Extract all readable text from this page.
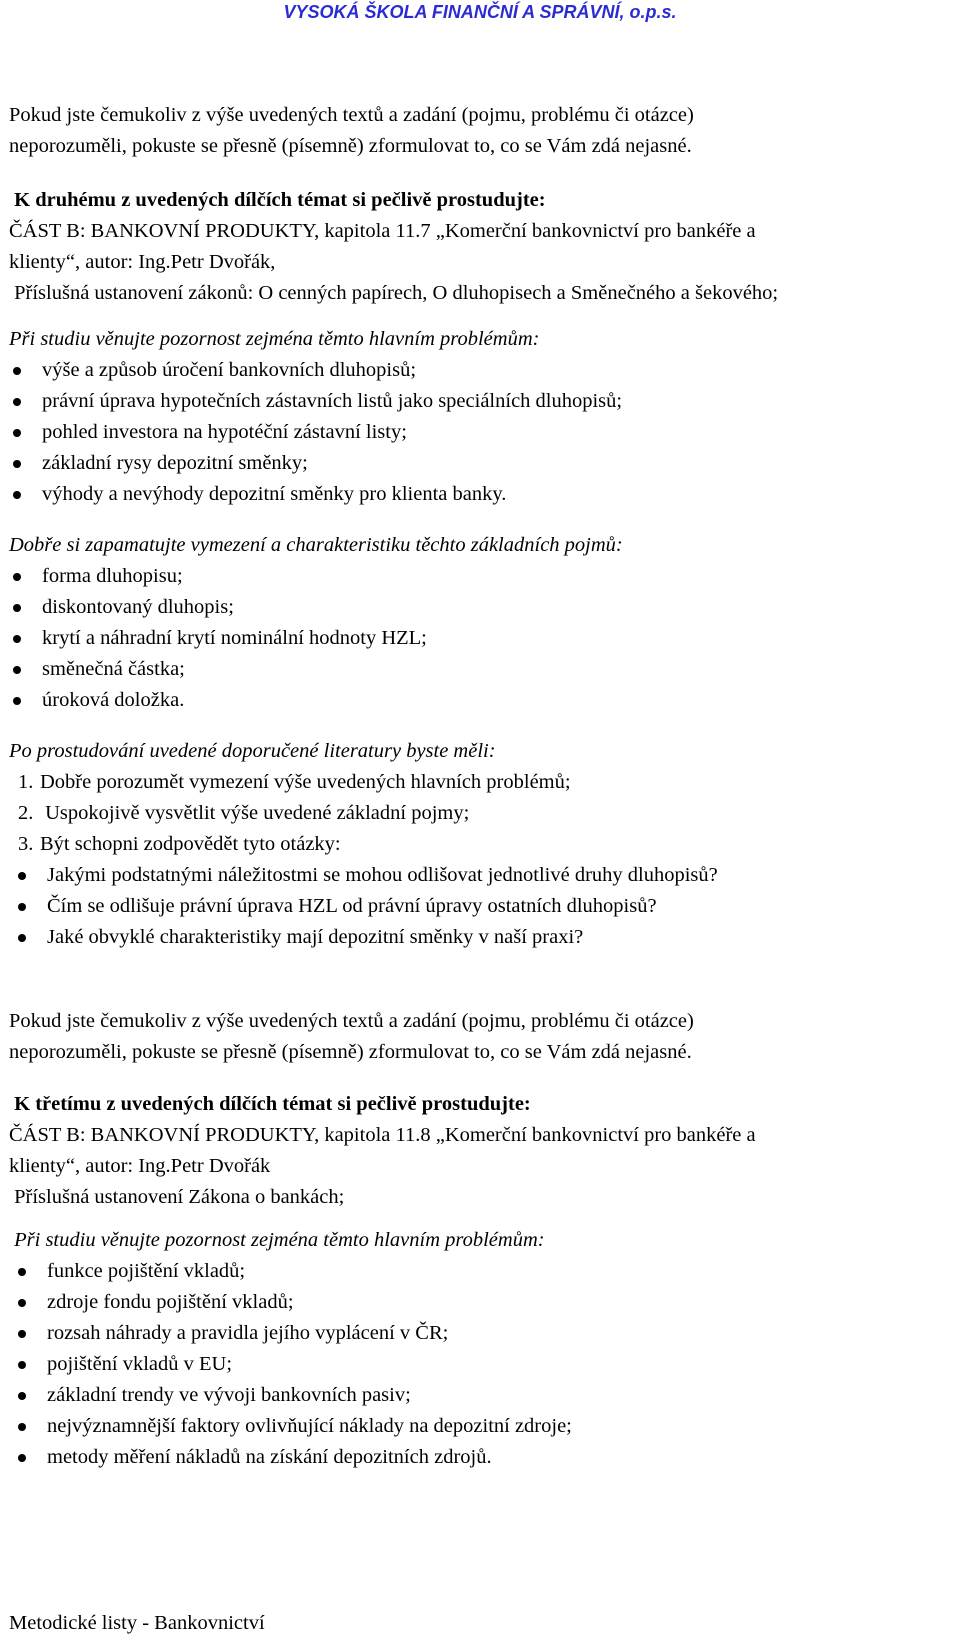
VYSOKÁ ŠKOLA FINANČNÍ A SPRÁVNÍ, o.p.s.

Pokud jste čemukoliv z výše uvedených textů a zadání (pojmu, problému či otázce)

neporozuměli, pokuste se přesně (písemně) zformulovat to, co se Vám zdá nejasné.

K druhému z uvedených dílčích témat si pečlivě prostudujte:

ČÁST B: BANKOVNÍ PRODUKTY, kapitola 11.7 „Komerční bankovnictví pro bankéře a

klienty“, autor: Ing.Petr Dvořák,

Příslušná ustanovení zákonů: O cenných papírech, O dluhopisech a Směnečného a šekového;

Při studiu věnujte pozornost zejména těmto hlavním problémům:

výše a způsob úročení bankovních dluhopisů;
právní úprava hypotečních zástavních listů jako speciálních dluhopisů;
pohled investora na hypotéční zástavní listy;
základní rysy depozitní směnky;
výhody a nevýhody depozitní směnky pro klienta banky.

Dobře si zapamatujte vymezení a charakteristiku těchto základních pojmů:

forma dluhopisu;
diskontovaný dluhopis;
krytí a náhradní krytí nominální hodnoty HZL;
směnečná částka;
úroková doložka.

Po prostudování uvedené doporučené literatury byste měli:

1. Dobře porozumět vymezení výše uvedených hlavních problémů;
2. Uspokojivě vysvětlit výše uvedené základní pojmy;
3. Být schopni zodpovědět tyto otázky:
Jakými podstatnými náležitostmi se mohou odlišovat jednotlivé druhy dluhopisů?
Čím se odlišuje právní úprava HZL od právní úpravy ostatních dluhopisů?
Jaké obvyklé charakteristiky mají depozitní směnky v naší praxi?

Pokud jste čemukoliv z výše uvedených textů a zadání (pojmu, problému či otázce)

neporozuměli, pokuste se přesně (písemně) zformulovat to, co se Vám zdá nejasné.

K třetímu z uvedených dílčích témat si pečlivě prostudujte:

ČÁST B: BANKOVNÍ PRODUKTY, kapitola 11.8 „Komerční bankovnictví pro bankéře a

klienty“, autor: Ing.Petr Dvořák

Příslušná ustanovení Zákona o bankách;

Při studiu věnujte pozornost zejména těmto hlavním problémům:

funkce pojištění vkladů;
zdroje fondu pojištění vkladů;
rozsah náhrady a pravidla jejího vyplácení v ČR;
pojištění vkladů v EU;
základní trendy ve vývoji bankovních pasiv;
nejvýznamnější faktory ovlivňující náklady na depozitní zdroje;
metody měření nákladů na získání depozitních zdrojů.
Metodické listy - Bankovnictví
